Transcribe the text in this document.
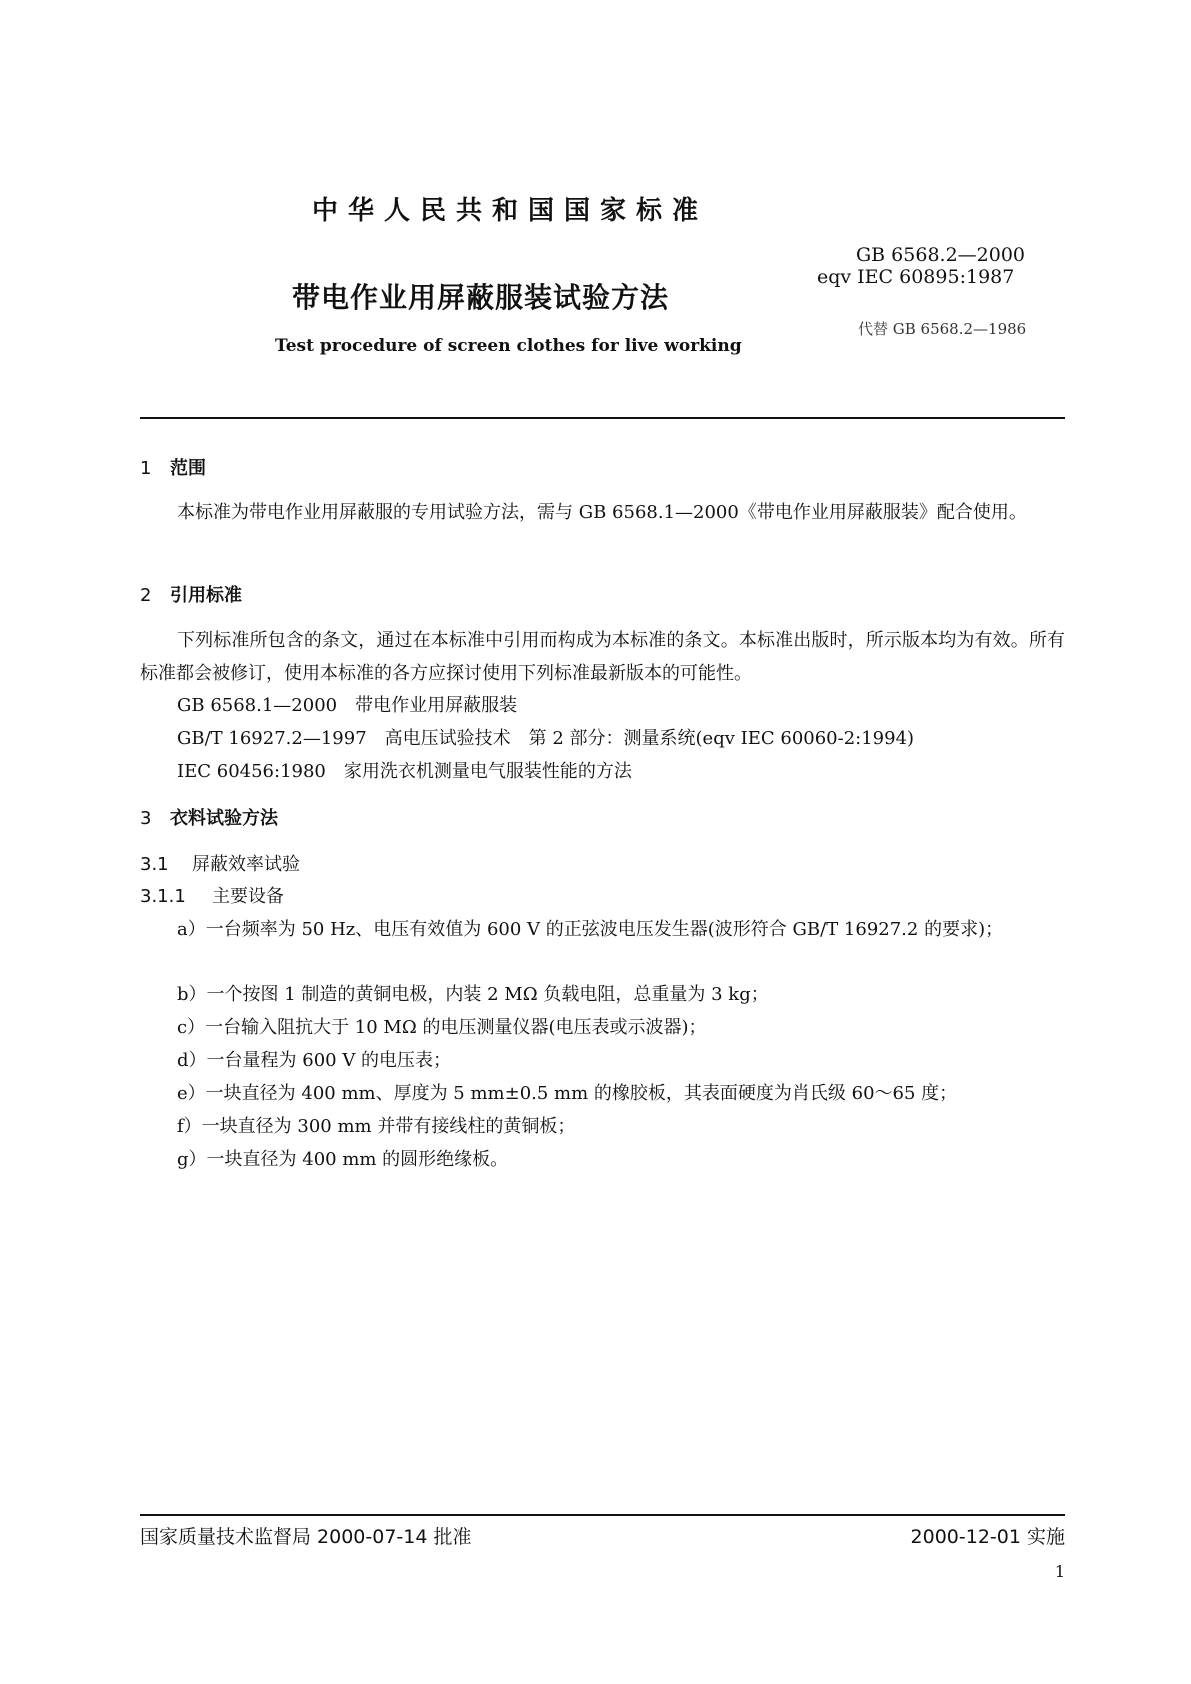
中华人民共和国国家标准
带电作业用屏蔽服装试验方法
Test procedure of screen clothes for live working
GB 6568.2—2000
eqv IEC 60895:1987
代替 GB 6568.2—1986
1 范围
本标准为带电作业用屏蔽服的专用试验方法，需与 GB 6568.1—2000《带电作业用屏蔽服装》配合使用。
2 引用标准
下列标准所包含的条文，通过在本标准中引用而构成为本标准的条文。本标准出版时，所示版本均为有效。所有标准都会被修订，使用本标准的各方应探讨使用下列标准最新版本的可能性。
GB 6568.1—2000　带电作业用屏蔽服装
GB/T 16927.2—1997　高电压试验技术　第 2 部分：测量系统(eqv IEC 60060-2:1994)
IEC 60456:1980　家用洗衣机测量电气服装性能的方法
3 衣料试验方法
3.1 屏蔽效率试验
3.1.1 主要设备
a）一台频率为 50 Hz、电压有效值为 600 V 的正弦波电压发生器(波形符合 GB/T 16927.2 的要求)；
b）一个按图 1 制造的黄铜电极，内装 2 MΩ 负载电阻，总重量为 3 kg；
c）一台输入阻抗大于 10 MΩ 的电压测量仪器(电压表或示波器)；
d）一台量程为 600 V 的电压表；
e）一块直径为 400 mm、厚度为 5 mm±0.5 mm 的橡胶板，其表面硬度为肖氏级 60～65 度；
f）一块直径为 300 mm 并带有接线柱的黄铜板；
g）一块直径为 400 mm 的圆形绝缘板。
国家质量技术监督局 2000-07-14 批准	2000-12-01 实施
1
